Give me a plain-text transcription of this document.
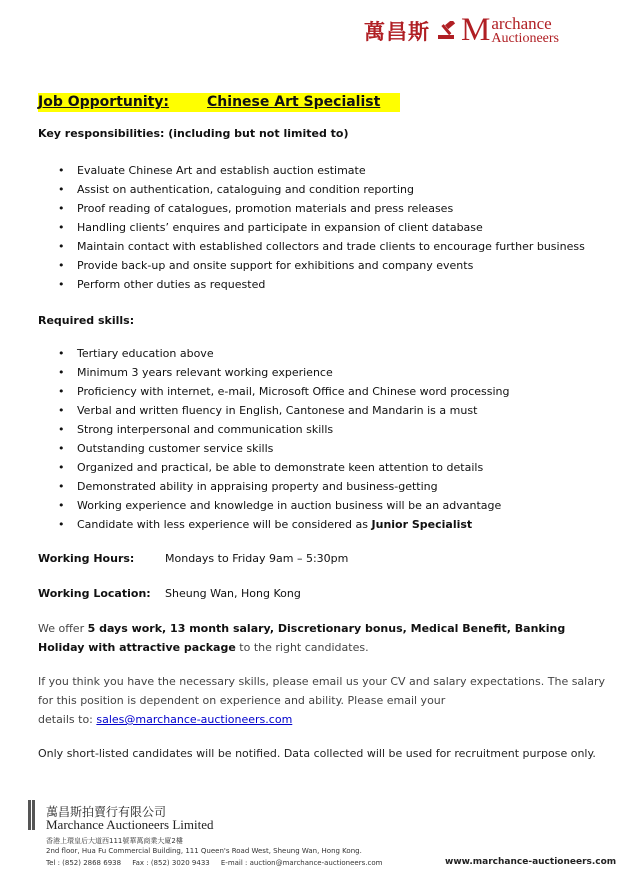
萬昌斯 M archance
Auctioneers
Job Opportunity:	Chinese Art Specialist
Key responsibilities: (including but not limited to)
• Evaluate Chinese Art and establish auction estimate
• Assist on authentication, cataloguing and condition reporting
• Proof reading of catalogues, promotion materials and press releases
• Handling clients’ enquires and participate in expansion of client database
• Maintain contact with established collectors and trade clients to encourage further business
• Provide back-up and onsite support for exhibitions and company events
• Perform other duties as requested
Required skills:
• Tertiary education above
• Minimum 3 years relevant working experience
• Proficiency with internet, e-mail, Microsoft Office and Chinese word processing
• Verbal and written fluency in English, Cantonese and Mandarin is a must
• Strong interpersonal and communication skills
• Outstanding customer service skills
• Organized and practical, be able to demonstrate keen attention to details
• Demonstrated ability in appraising property and business-getting
• Working experience and knowledge in auction business will be an advantage
• Candidate with less experience will be considered as Junior Specialist
Working Hours:	Mondays to Friday 9am – 5:30pm
Working Location: Sheung Wan, Hong Kong
We offer 5 days work, 13 month salary, Discretionary bonus, Medical Benefit, Banking Holiday with attractive package to the right candidates.
If you think you have the necessary skills, please email us your CV and salary expectations. The salary for this position is dependent on experience and ability. Please email your
details to: sales@marchance-auctioneers.com
Only short-listed candidates will be notified. Data collected will be used for recruitment purpose only.
萬昌斯拍賣行有限公司
Marchance Auctioneers Limited
香港上環皇后大道西111號華萬商業大廈2樓
2nd floor, Hua Fu Commercial Building, 111 Queen's Road West, Sheung Wan, Hong Kong.
Tel : (852) 2868 6938 Fax : (852) 3020 9433 E-mail : auction@marchance-auctioneers.com	www.marchance-auctioneers.com
